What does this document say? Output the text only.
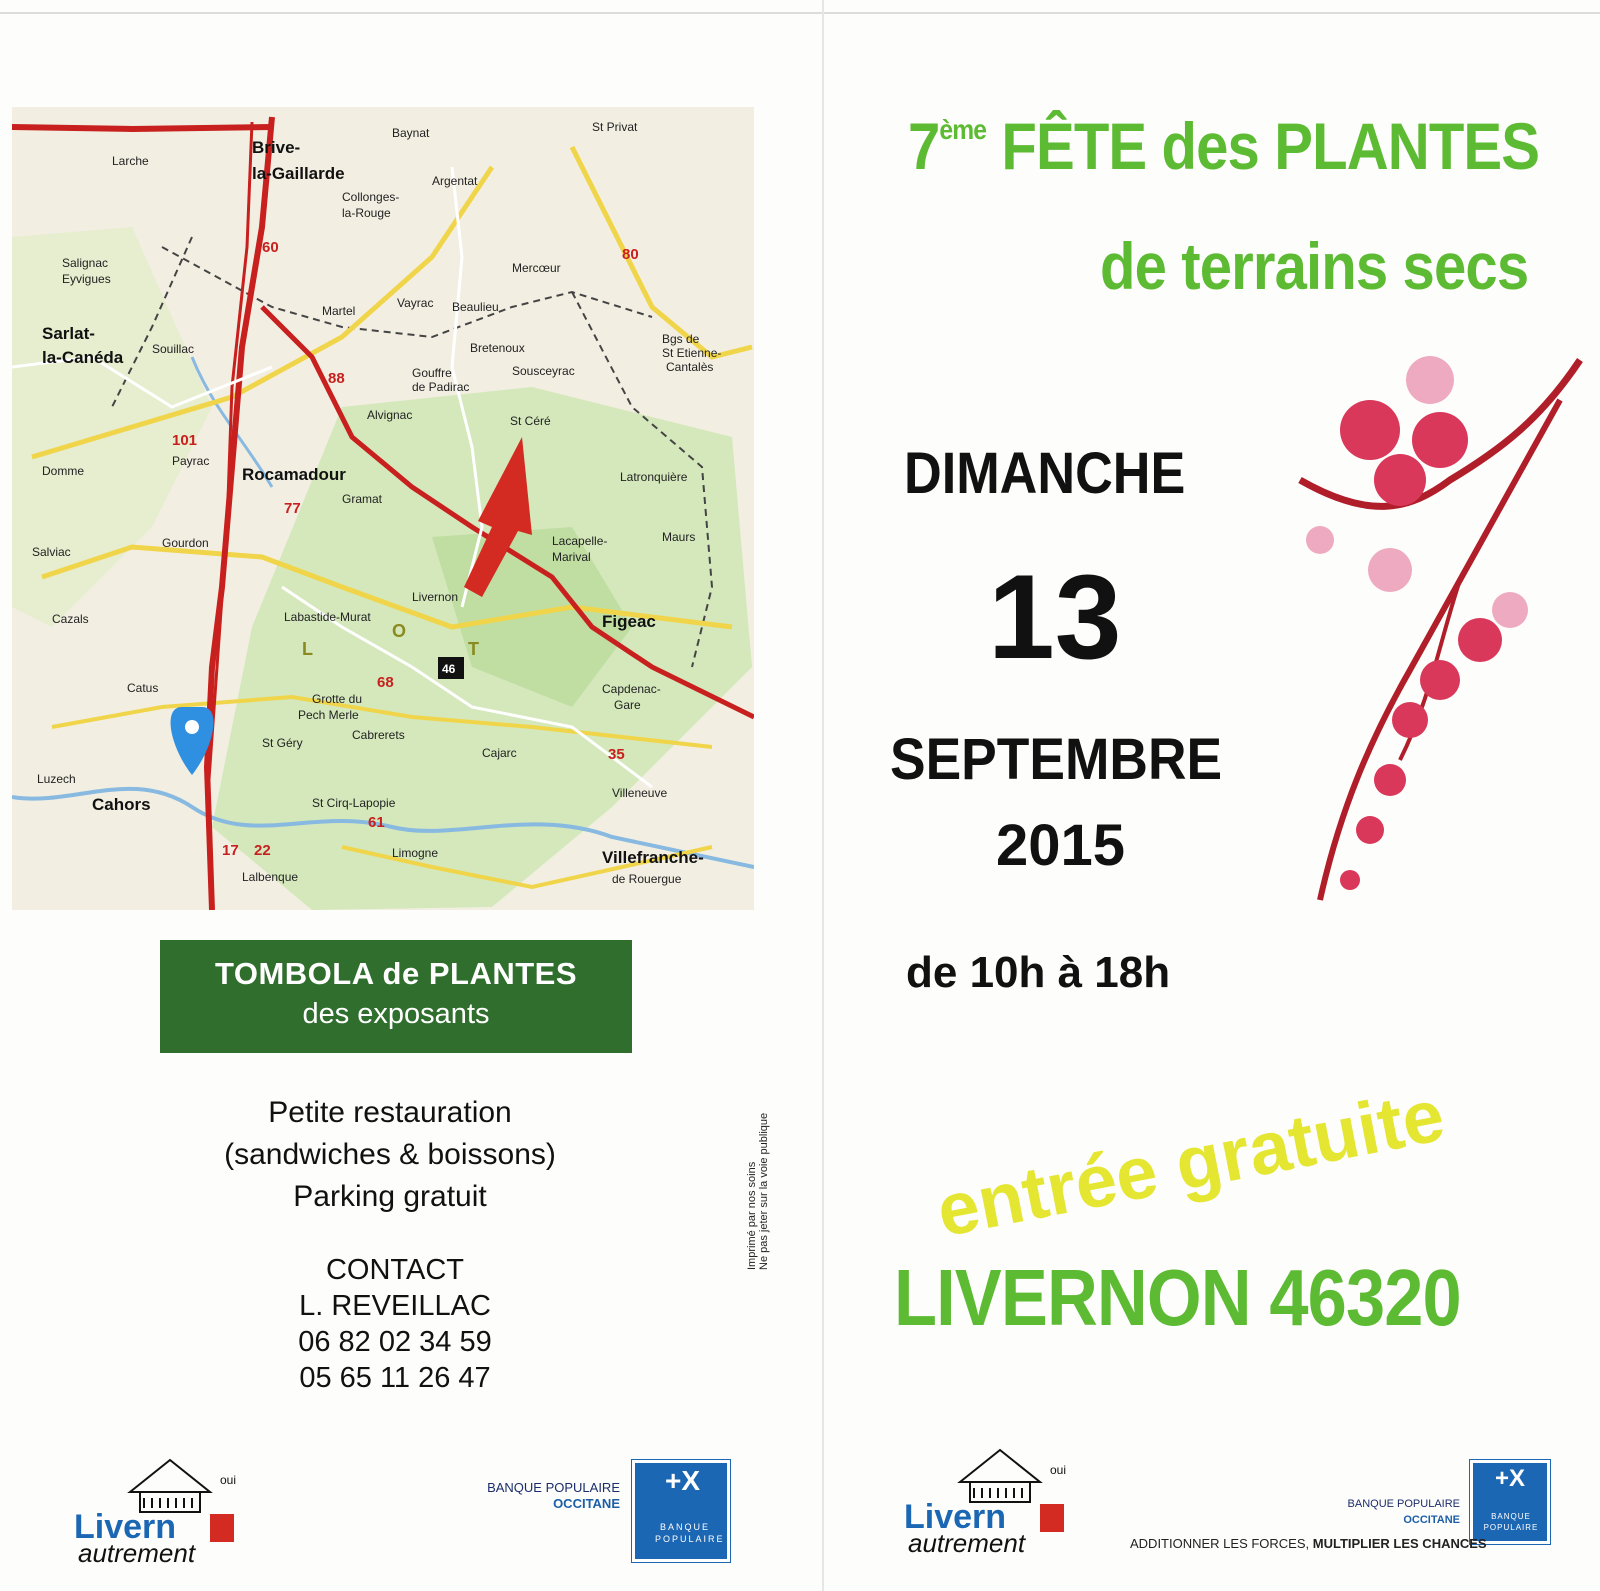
Brive-
la-Gaillarde
Sarlat-
la-Canéda
Cahors
Figeac
Rocamadour
Villefranche-
de Rouergue
Argentat
St Privat
Collonges-
la-Rouge
Salignac
Eyvigues
Souillac
Martel
Vayrac Beaulieu
Mercœur
Bretenoux
Gouffre
de Padirac
Sousceyrac
St Céré
Alvignac
Payrac
Gramat
Domme
Gourdon
Salviac
Latronquière
Lacapelle-
Marival
Maurs
Livernon
Labastide-Murat
Cazals
Catus	Capdenac-
Gare
Grotte du
Pech Merle
Cabrerets
St Géry
Cajarc
Luzech
St Cirq-Lapopie
Villeneuve
Limogne
Lalbenque
Larche
Baynat
Bgs de
St Etienne-
Cantalès
60	80
88
101
77
68
35
61
22
17
L
O
T
46
TOMBOLA de PLANTES
des exposants
Petite restauration
(sandwiches & boissons)
Parking gratuit
CONTACT
L. REVEILLAC
06 82 02 34 59
05 65 11 26 47
Imprimé par nos soins
Ne pas jeter sur la voie publique
Livern
oui
autrement
BANQUE POPULAIRE
OCCITANE
+X
BANQUE POPULAIRE
7ème FÊTE des PLANTES
de terrains secs
DIMANCHE
13
SEPTEMBRE
2015
de 10h à 18h
entrée gratuite
LIVERNON 46320
Livern
oui
autrement
BANQUE POPULAIRE
OCCITANE
+X
BANQUE POPULAIRE
ADDITIONNER LES FORCES, MULTIPLIER LES CHANCES
